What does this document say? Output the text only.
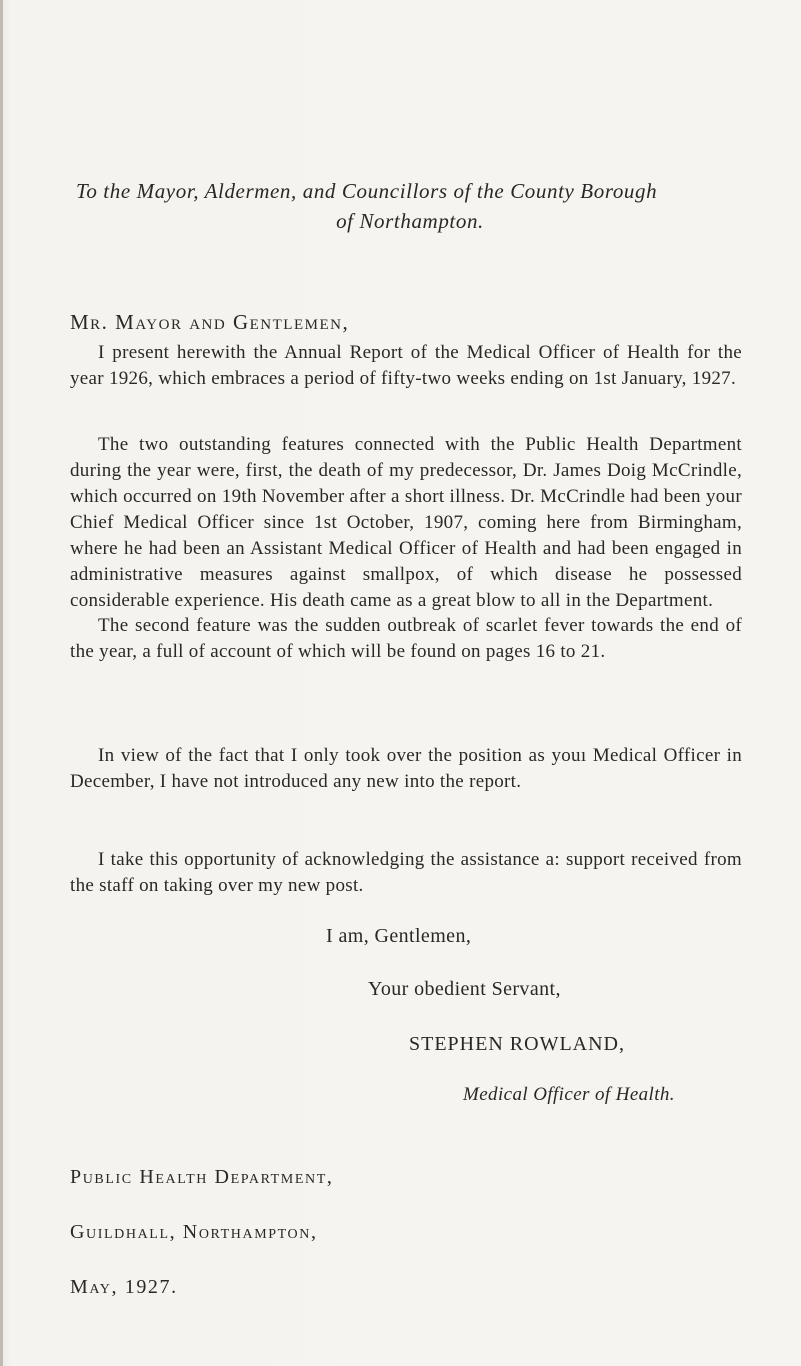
To the Mayor, Aldermen, and Councillors of the County Borough
of Northampton.
Mr. Mayor and Gentlemen,
I present herewith the Annual Report of the Medical Officer of Health for the year 1926, which embraces a period of fifty-two weeks ending on 1st January, 1927.
The two outstanding features connected with the Public Health Department during the year were, first, the death of my predecessor, Dr. James Doig McCrindle, which occurred on 19th November after a short illness. Dr. McCrindle had been your Chief Medical Officer since 1st October, 1907, coming here from Birmingham, where he had been an Assistant Medical Officer of Health and had been engaged in administrative measures against smallpox, of which disease he possessed considerable experience. His death came as a great blow to all in the Department.
The second feature was the sudden outbreak of scarlet fever towards the end of the year, a full of account of which will be found on pages 16 to 21.
In view of the fact that I only took over the position as youı Medical Officer in December, I have not introduced any new into the report.
I take this opportunity of acknowledging the assistance a: support received from the staff on taking over my new post.
I am, Gentlemen,
Your obedient Servant,
STEPHEN ROWLAND,
Medical Officer of Health.
Public Health Department,
Guildhall, Northampton,
May, 1927.
